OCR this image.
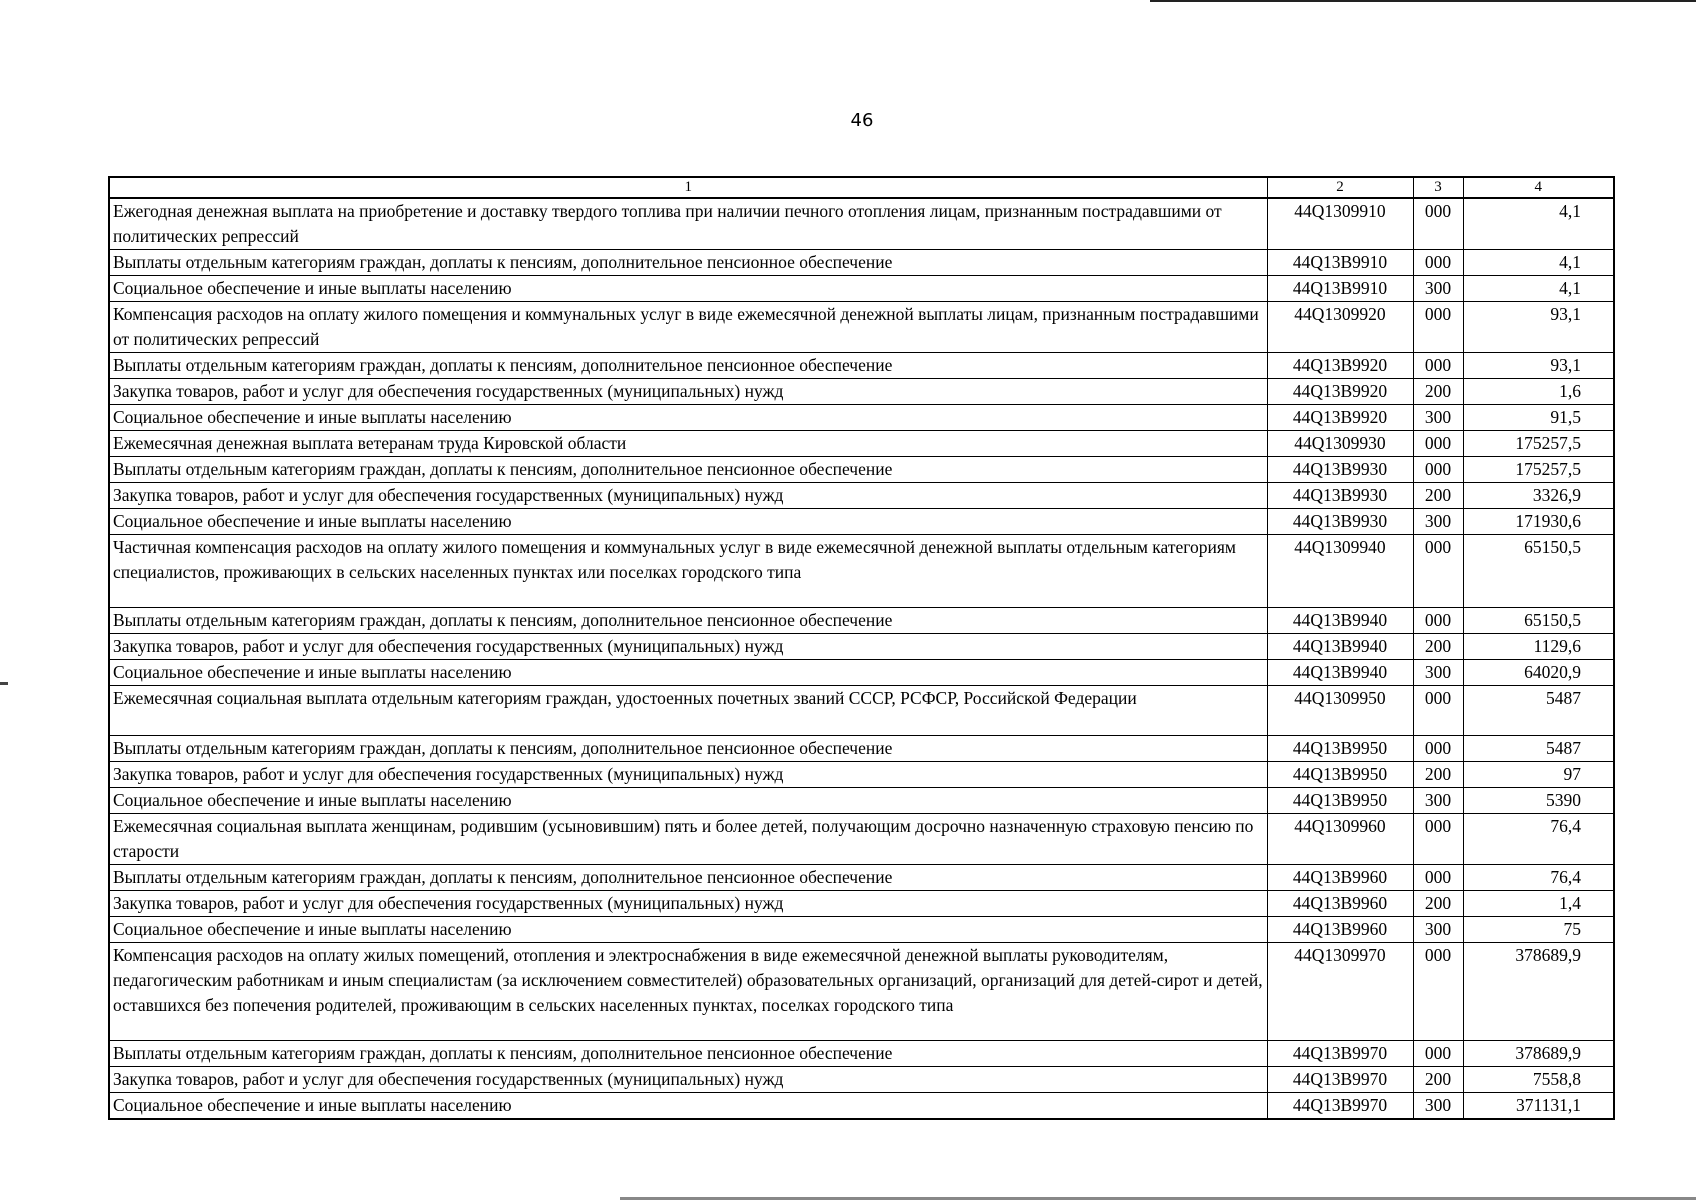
46
1	2	3	4
Ежегодная денежная выплата на приобретение и доставку твердого топлива при наличии печного отопления лицам, признанным пострадавшими от политических репрессий	44Q1309910	000	4,1
Выплаты отдельным категориям граждан, доплаты к пенсиям, дополнительное пенсионное обеспечение	44Q13B9910	000	4,1
Социальное обеспечение и иные выплаты населению	44Q13B9910	300	4,1
Компенсация расходов на оплату жилого помещения и коммунальных услуг в виде ежемесячной денежной выплаты лицам, признанным пострадавшими от политических репрессий	44Q1309920	000	93,1
Выплаты отдельным категориям граждан, доплаты к пенсиям, дополнительное пенсионное обеспечение	44Q13B9920	000	93,1
Закупка товаров, работ и услуг для обеспечения государственных (муниципальных) нужд	44Q13B9920	200	1,6
Социальное обеспечение и иные выплаты населению	44Q13B9920	300	91,5
Ежемесячная денежная выплата ветеранам труда Кировской области	44Q1309930	000	175257,5
Выплаты отдельным категориям граждан, доплаты к пенсиям, дополнительное пенсионное обеспечение	44Q13B9930	000	175257,5
Закупка товаров, работ и услуг для обеспечения государственных (муниципальных) нужд	44Q13B9930	200	3326,9
Социальное обеспечение и иные выплаты населению	44Q13B9930	300	171930,6
Частичная компенсация расходов на оплату жилого помещения и коммунальных услуг в виде ежемесячной денежной выплаты отдельным категориям специалистов, проживающих в сельских населенных пунктах или поселках городского типа	44Q1309940	000	65150,5
Выплаты отдельным категориям граждан, доплаты к пенсиям, дополнительное пенсионное обеспечение	44Q13B9940	000	65150,5
Закупка товаров, работ и услуг для обеспечения государственных (муниципальных) нужд	44Q13B9940	200	1129,6
Социальное обеспечение и иные выплаты населению	44Q13B9940	300	64020,9
Ежемесячная социальная выплата отдельным категориям граждан, удостоенных почетных званий СССР, РСФСР, Российской Федерации	44Q1309950	000	5487
Выплаты отдельным категориям граждан, доплаты к пенсиям, дополнительное пенсионное обеспечение	44Q13B9950	000	5487
Закупка товаров, работ и услуг для обеспечения государственных (муниципальных) нужд	44Q13B9950	200	97
Социальное обеспечение и иные выплаты населению	44Q13B9950	300	5390
Ежемесячная социальная выплата женщинам, родившим (усыновившим) пять и более детей, получающим досрочно назначенную страховую пенсию по старости	44Q1309960	000	76,4
Выплаты отдельным категориям граждан, доплаты к пенсиям, дополнительное пенсионное обеспечение	44Q13B9960	000	76,4
Закупка товаров, работ и услуг для обеспечения государственных (муниципальных) нужд	44Q13B9960	200	1,4
Социальное обеспечение и иные выплаты населению	44Q13B9960	300	75
Компенсация расходов на оплату жилых помещений, отопления и электроснабжения в виде ежемесячной денежной выплаты руководителям, педагогическим работникам и иным специалистам (за исключением совместителей) образовательных организаций, организаций для детей-сирот и детей, оставшихся без попечения родителей, проживающим в сельских населенных пунктах, поселках городского типа	44Q1309970	000	378689,9
Выплаты отдельным категориям граждан, доплаты к пенсиям, дополнительное пенсионное обеспечение	44Q13B9970	000	378689,9
Закупка товаров, работ и услуг для обеспечения государственных (муниципальных) нужд	44Q13B9970	200	7558,8
Социальное обеспечение и иные выплаты населению	44Q13B9970	300	371131,1
